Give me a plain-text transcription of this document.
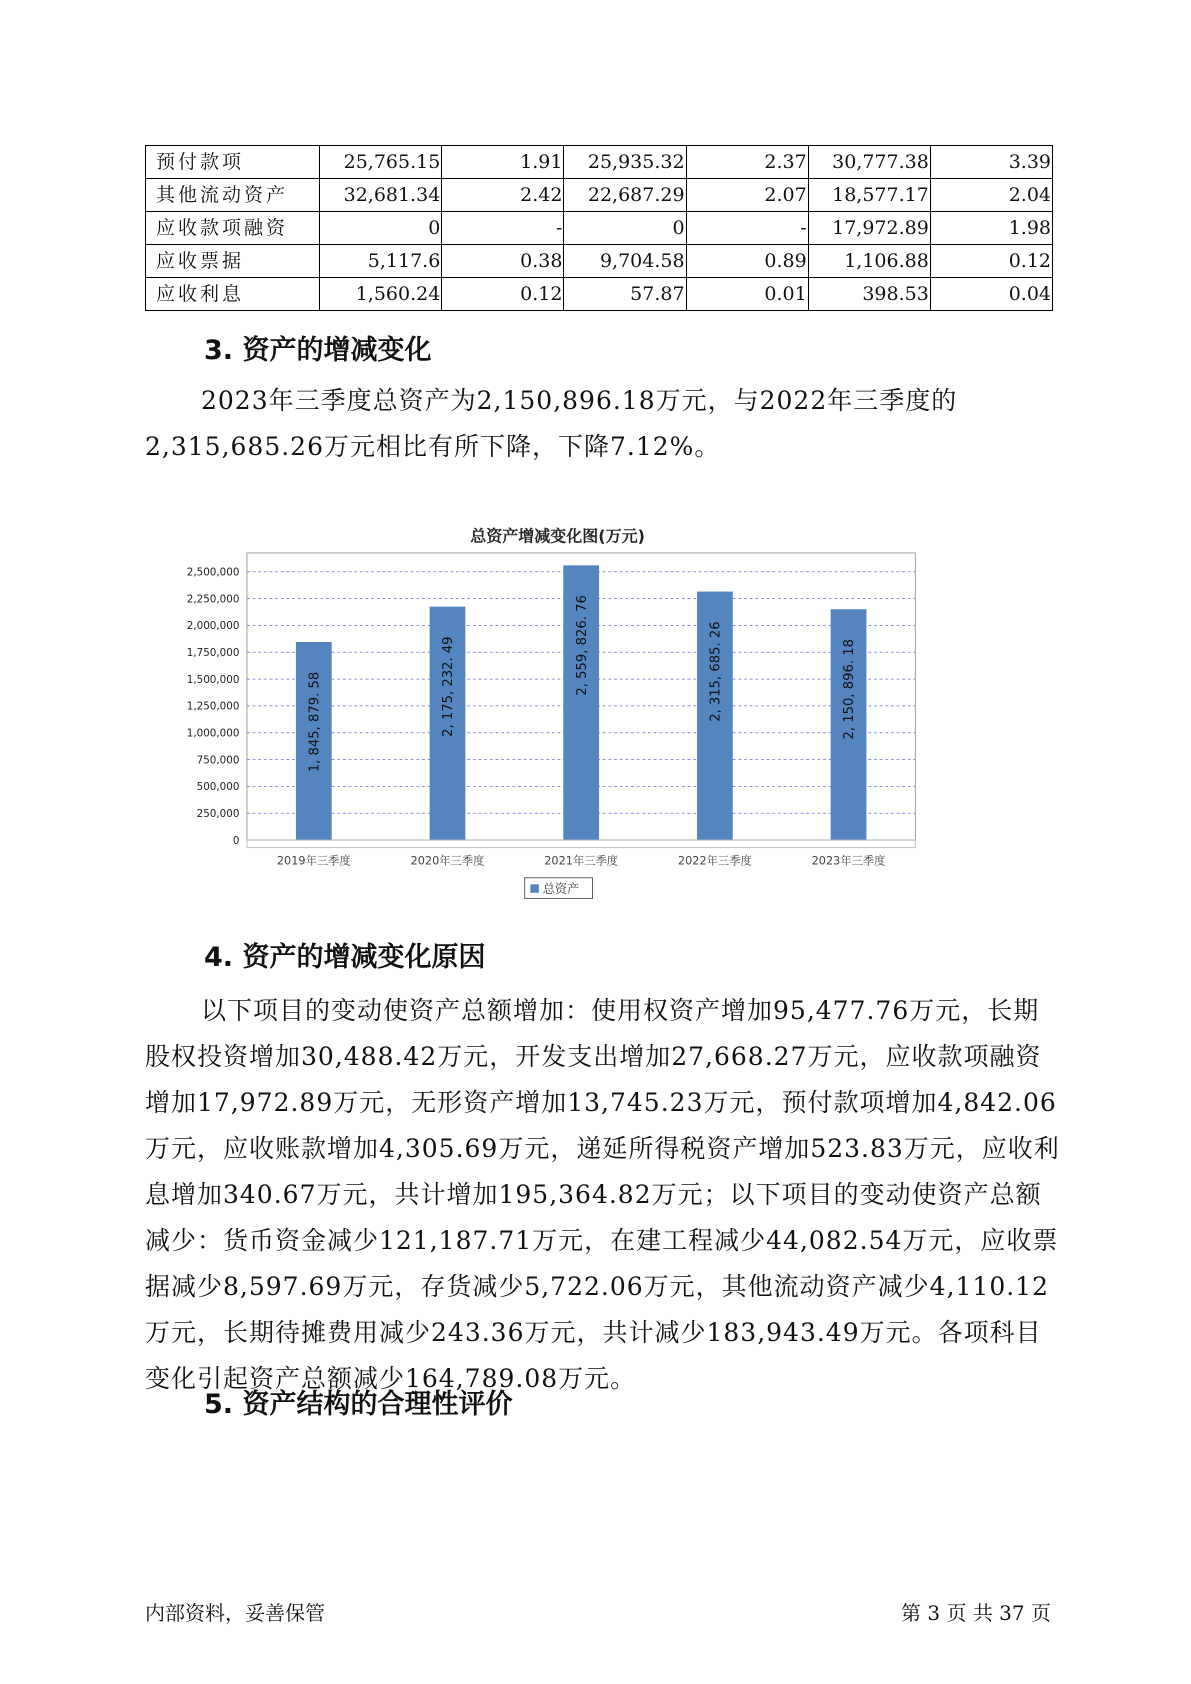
预付款项	25,765.15	1.91	25,935.32	2.37	30,777.38	3.39
其他流动资产	32,681.34	2.42	22,687.29	2.07	18,577.17	2.04
应收款项融资	0	-	0	-	17,972.89	1.98
应收票据	5,117.6	0.38	9,704.58	0.89	1,106.88	0.12
应收利息	1,560.24	0.12	57.87	0.01	398.53	0.04
3. 资产的增减变化

2023年三季度总资产为2,150,896.18万元，与2022年三季度的2,315,685.26万元相比有所下降，下降7.12%。

总资产增减变化图(万元)
0
250,000
500,000
750,000
1,000,000
1,250,000
1,500,000
1,750,000
2,000,000
2,250,000
2,500,000
1, 845, 879. 58
2019年三季度
2, 175, 232. 49
2020年三季度
2, 559, 826. 76
2021年三季度
2, 315, 685. 26
2022年三季度
2, 150, 896. 18
2023年三季度
总资产
4. 资产的增减变化原因

以下项目的变动使资产总额增加：使用权资产增加95,477.76万元，长期股权投资增加30,488.42万元，开发支出增加27,668.27万元，应收款项融资增加17,972.89万元，无形资产增加13,745.23万元，预付款项增加4,842.06万元，应收账款增加4,305.69万元，递延所得税资产增加523.83万元，应收利息增加340.67万元，共计增加195,364.82万元；以下项目的变动使资产总额减少：货币资金减少121,187.71万元，在建工程减少44,082.54万元，应收票据减少8,597.69万元，存货减少5,722.06万元，其他流动资产减少4,110.12万元，长期待摊费用减少243.36万元，共计减少183,943.49万元。各项科目变化引起资产总额减少164,789.08万元。

5. 资产结构的合理性评价

内部资料，妥善保管	第 3 页 共 37 页
